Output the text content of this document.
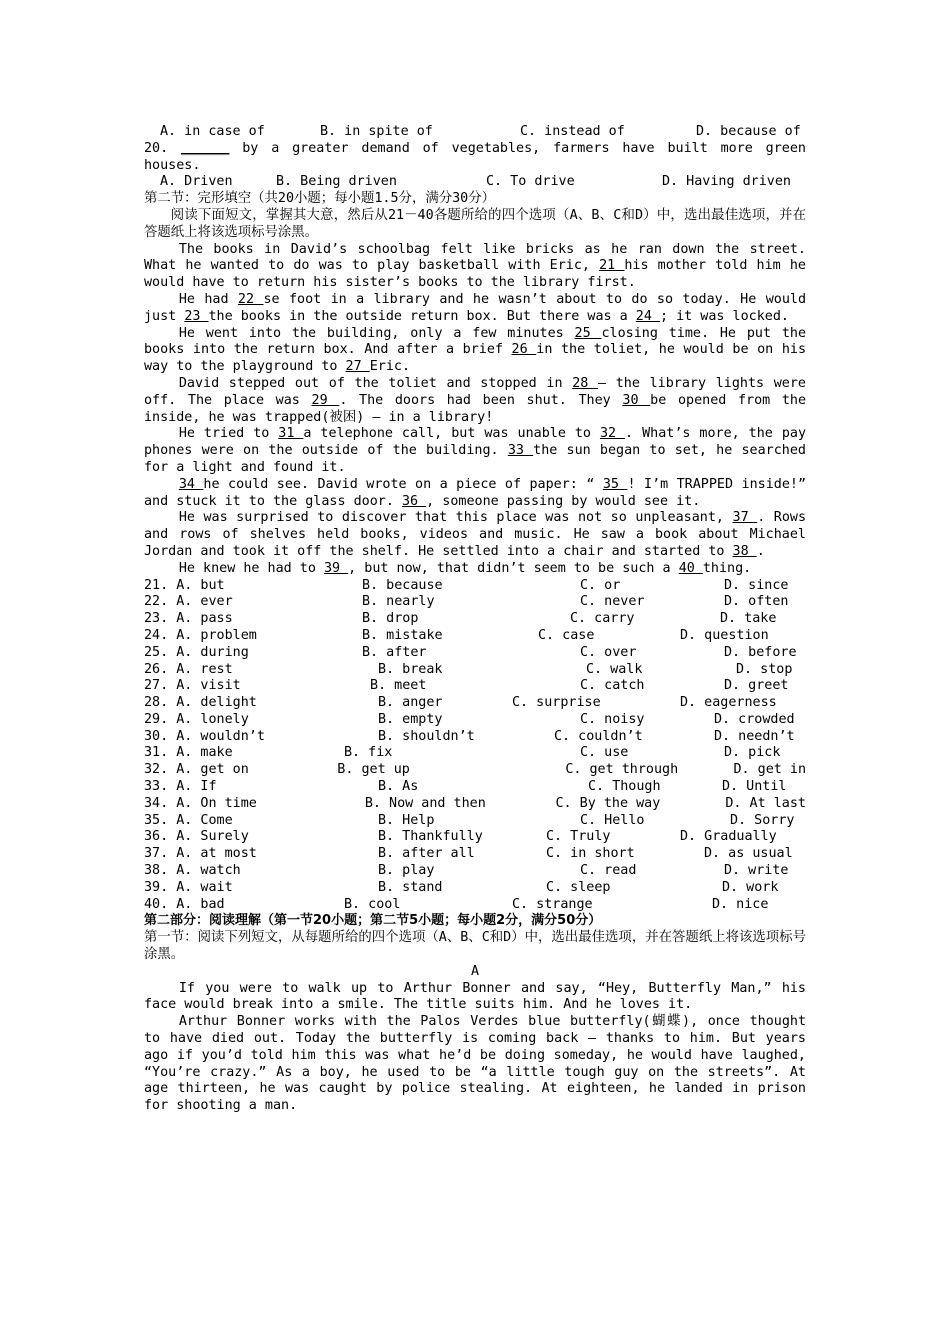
A. in case of	B. in spite of	C. instead of	D. because of
20. ______ by a greater demand of vegetables, farmers have built more green houses.
A. Driven	B. Being driven	C. To drive	D. Having driven
第二节：完形填空（共20小题；每小题1.5分，满分30分）
阅读下面短文，掌握其大意，然后从21－40各题所给的四个选项（A、B、C和D）中，选出最佳选项，并在答题纸上将该选项标号涂黑。
The books in David’s schoolbag felt like bricks as he ran down the street. What he wanted to do was to play basketball with Eric, 21 his mother told him he would have to return his sister’s books to the library first.
He had 22 se foot in a library and he wasn’t about to do so today. He would just 23 the books in the outside return box. But there was a 24 ; it was locked.
He went into the building, only a few minutes 25 closing time. He put the books into the return box. And after a brief 26 in the toliet, he would be on his way to the playground to 27 Eric.
David stepped out of the toliet and stopped in 28 — the library lights were off. The place was 29 . The doors had been shut. They 30 be opened from the inside, he was trapped(被困) — in a library!
He tried to 31 a telephone call, but was unable to 32 . What’s more, the pay phones were on the outside of the building. 33 the sun began to set, he searched for a light and found it.
34 he could see. David wrote on a piece of paper: “ 35 ! I’m TRAPPED inside!” and stuck it to the glass door. 36 , someone passing by would see it.
He was surprised to discover that this place was not so unpleasant, 37 . Rows and rows of shelves held books, videos and music. He saw a book about Michael Jordan and took it off the shelf. He settled into a chair and started to 38 .
He knew he had to 39 , but now, that didn’t seem to be such a 40 thing.
21. A. but	B. because	C. or	D. since
22. A. ever	B. nearly	C. never	D. often
23. A. pass	B. drop	C. carry	D. take
24. A. problem	B. mistake	C. case	D. question
25. A. during	B. after	C. over	D. before
26. A. rest	B. break	C. walk	D. stop
27. A. visit	B. meet	C. catch	D. greet
28. A. delight	B. anger	C. surprise	D. eagerness
29. A. lonely	B. empty	C. noisy	D. crowded
30. A. wouldn’t	B. shouldn’t	C. couldn’t	D. needn’t
31. A. make	B. fix	C. use	D. pick
32. A. get on	B. get up	C. get through	D. get in
33. A. If	B. As	C. Though	D. Until
34. A. On time	B. Now and then	C. By the way	D. At last
35. A. Come	B. Help	C. Hello	D. Sorry
36. A. Surely	B. Thankfully	C. Truly	D. Gradually
37. A. at most	B. after all	C. in short	D. as usual
38. A. watch	B. play	C. read	D. write
39. A. wait	B. stand	C. sleep	D. work
40. A. bad	B. cool	C. strange	D. nice
第二部分：阅读理解（第一节20小题；第二节5小题；每小题2分，满分50分）
第一节：阅读下列短文，从每题所给的四个选项（A、B、C和D）中，选出最佳选项，并在答题纸上将该选项标号涂黑。
A
If you were to walk up to Arthur Bonner and say, “Hey, Butterfly Man,” his face would break into a smile. The title suits him. And he loves it.
Arthur Bonner works with the Palos Verdes blue butterfly(蝴蝶), once thought to have died out. Today the butterfly is coming back — thanks to him. But years ago if you’d told him this was what he’d be doing someday, he would have laughed, “You’re crazy.” As a boy, he used to be “a little tough guy on the streets”. At age thirteen, he was caught by police stealing. At eighteen, he landed in prison for shooting a man.
